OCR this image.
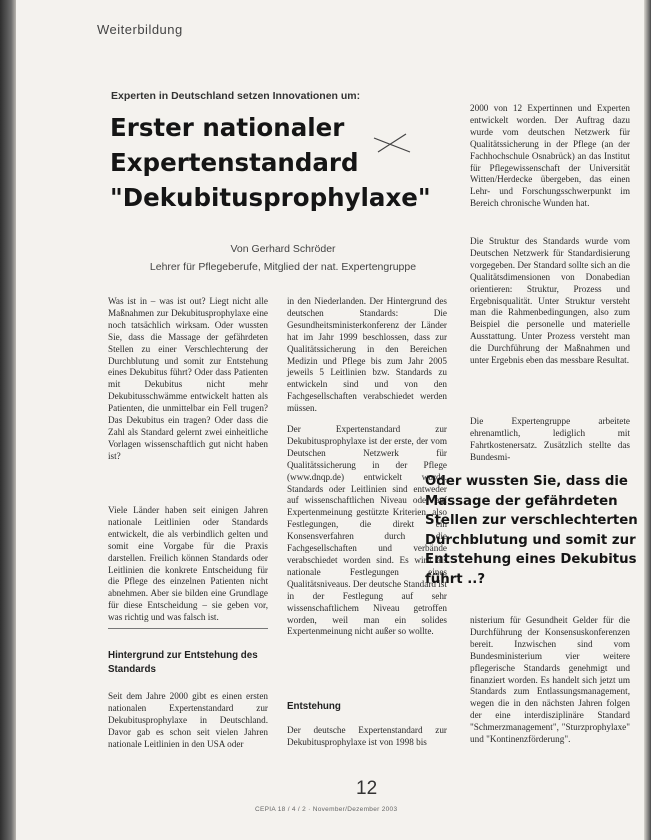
Weiterbildung
Experten in Deutschland setzen Innovationen um:
Erster nationaler
Expertenstandard
"Dekubitusprophylaxe"
Von Gerhard Schröder
Lehrer für Pflegeberufe, Mitglied der nat. Expertengruppe

Was ist in – was ist out? Liegt nicht alle Maßnahmen zur Dekubitusprophylaxe eine noch tatsächlich wirksam. Oder wussten Sie, dass die Massage der gefährdeten Stellen zu einer Verschlechterung der Durchblutung und somit zur Entstehung eines Dekubitus führt? Oder dass Patienten mit Dekubitus nicht mehr Dekubitusschwämme entwickelt hatten als Patienten, die unmittelbar ein Fell trugen? Das Dekubitus ein tragen? Oder dass die Zahl als Standard gelernt zwei einheitliche Vorlagen wissenschaftlich gut nicht haben ist?

Viele Länder haben seit einigen Jahren nationale Leitlinien oder Standards entwickelt, die als verbindlich gelten und somit eine Vorgabe für die Praxis darstellen. Freilich können Standards oder Leitlinien die konkrete Entscheidung für die Pflege des einzelnen Patienten nicht abnehmen. Aber sie bilden eine Grundlage für diese Entscheidung – sie geben vor, was richtig und was falsch ist.

Hintergrund zur Entstehung des Standards

Seit dem Jahre 2000 gibt es einen ersten nationalen Expertenstandard zur Dekubitusprophylaxe in Deutschland. Davor gab es schon seit vielen Jahren nationale Leitlinien in den USA oder

in den Niederlanden. Der Hintergrund des deutschen Standards: Die Gesundheitsministerkonferenz der Länder hat im Jahr 1999 beschlossen, dass zur Qualitätssicherung in den Bereichen Medizin und Pflege bis zum Jahr 2005 jeweils 5 Leitlinien bzw. Standards zu entwickeln sind und von den Fachgesellschaften verabschiedet werden müssen.

Der Expertenstandard zur Dekubitusprophylaxe ist der erste, der vom Deutschen Netzwerk für Qualitätssicherung in der Pflege (www.dnqp.de) entwickelt wurde. Standards oder Leitlinien sind entweder auf wissenschaftlichen Niveau oder auf Expertenmeinung gestützte Kriterien, also Festlegungen, die direkt ein Konsensverfahren durch die Fachgesellschaften und verbände verabschiedet worden sind. Es wird als nationale Festlegungen eines Qualitätsniveaus. Der deutsche Standard ist in der Festlegung auf sehr wissenschaftlichem Niveau getroffen worden, weil man ein solides Expertenmeinung nicht außer so wollte.

Entstehung

Der deutsche Expertenstandard zur Dekubitusprophylaxe ist von 1998 bis

2000 von 12 Expertinnen und Experten entwickelt worden. Der Auftrag dazu wurde vom deutschen Netzwerk für Qualitätssicherung in der Pflege (an der Fachhochschule Osnabrück) an das Institut für Pflegewissenschaft der Universität Witten/Herdecke übergeben, das einen Lehr- und Forschungsschwerpunkt im Bereich chronische Wunden hat.

Die Struktur des Standards wurde vom Deutschen Netzwerk für Standardisierung vorgegeben. Der Standard sollte sich an die Qualitätsdimensionen von Donabedian orientieren: Struktur, Prozess und Ergebnisqualität. Unter Struktur versteht man die Rahmenbedingungen, also zum Beispiel die personelle und materielle Ausstattung. Unter Prozess versteht man die Durchführung der Maßnahmen und unter Ergebnis eben das messbare Resultat.

Die Expertengruppe arbeitete ehrenamtlich, lediglich mit Fahrtkostenersatz. Zusätzlich stellte das Bundesmi-

Oder wussten Sie, dass die
Massage der gefährdeten
Stellen zur verschlechterten
Durchblutung und somit zur
Entstehung eines Dekubitus
führt ..?

nisterium für Gesundheit Gelder für die Durchführung der Konsensuskonferenzen bereit. Inzwischen sind vom Bundesministerium vier weitere pflegerische Standards genehmigt und finanziert worden. Es handelt sich jetzt um Standards zum Entlassungsmanagement, wegen die in den nächsten Jahren folgen der eine interdisziplinäre Standard "Schmerzmanagement", "Sturzprophylaxe" und "Kontinenzförderung".

12
CEPIA 18 / 4 / 2 · November/Dezember 2003
